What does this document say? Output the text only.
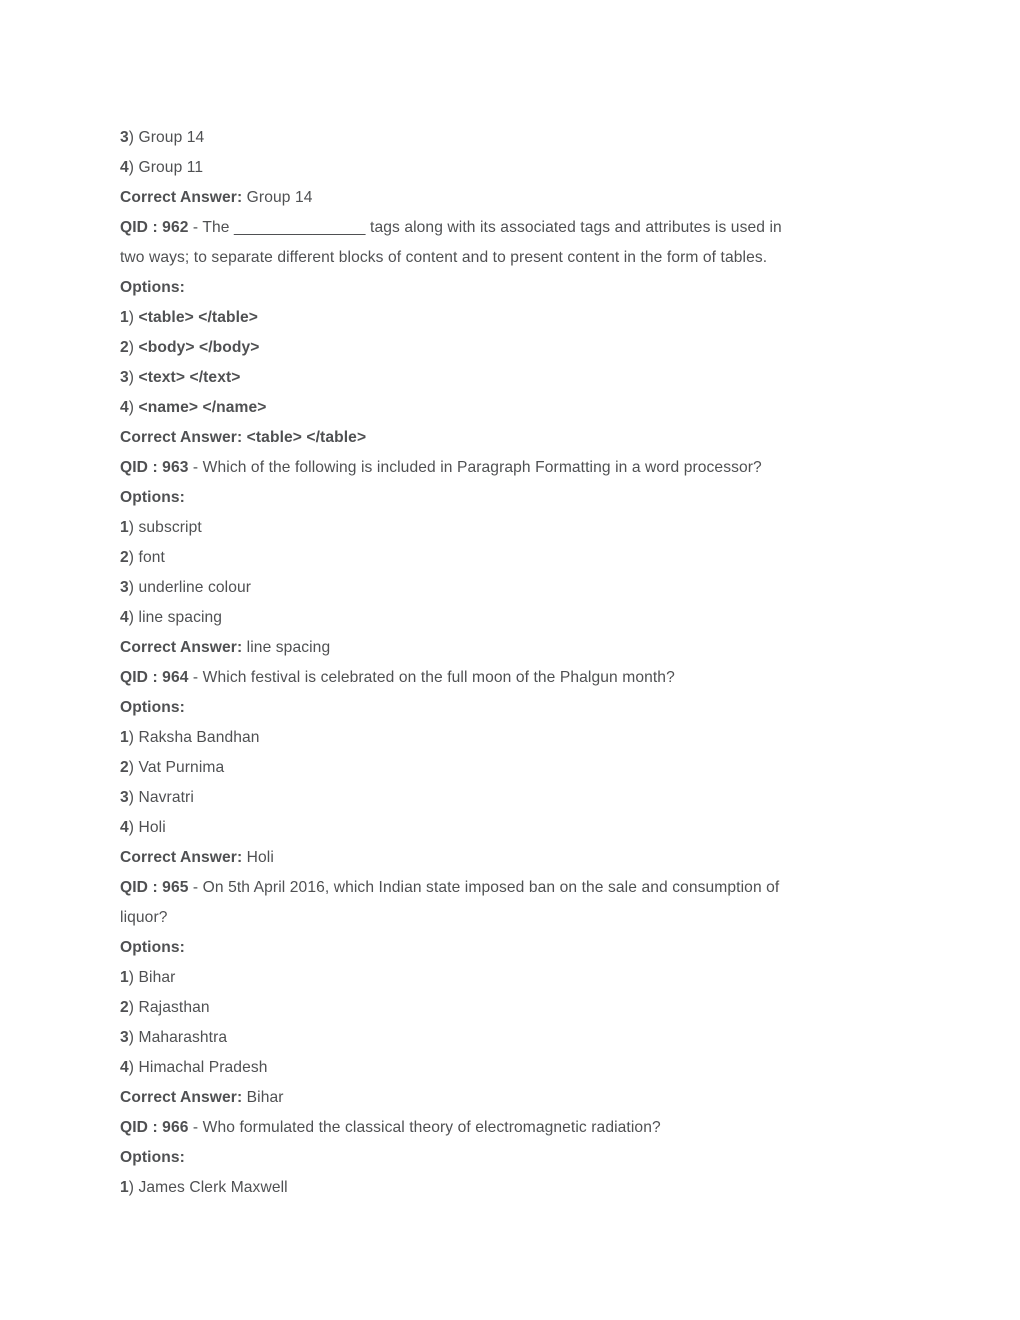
3) Group 14
4) Group 11
Correct Answer: Group 14
QID : 962 - The _______________ tags along with its associated tags and attributes is used in
two ways; to separate different blocks of content and to present content in the form of tables.
Options:
1) <table> </table>
2) <body> </body>
3) <text> </text>
4) <name> </name>
Correct Answer: <table> </table>
QID : 963 - Which of the following is included in Paragraph Formatting in a word processor?
Options:
1) subscript
2) font
3) underline colour
4) line spacing
Correct Answer: line spacing
QID : 964 - Which festival is celebrated on the full moon of the Phalgun month?
Options:
1) Raksha Bandhan
2) Vat Purnima
3) Navratri
4) Holi
Correct Answer: Holi
QID : 965 - On 5th April 2016, which Indian state imposed ban on the sale and consumption of
liquor?
Options:
1) Bihar
2) Rajasthan
3) Maharashtra
4) Himachal Pradesh
Correct Answer: Bihar
QID : 966 - Who formulated the classical theory of electromagnetic radiation?
Options:
1) James Clerk Maxwell
